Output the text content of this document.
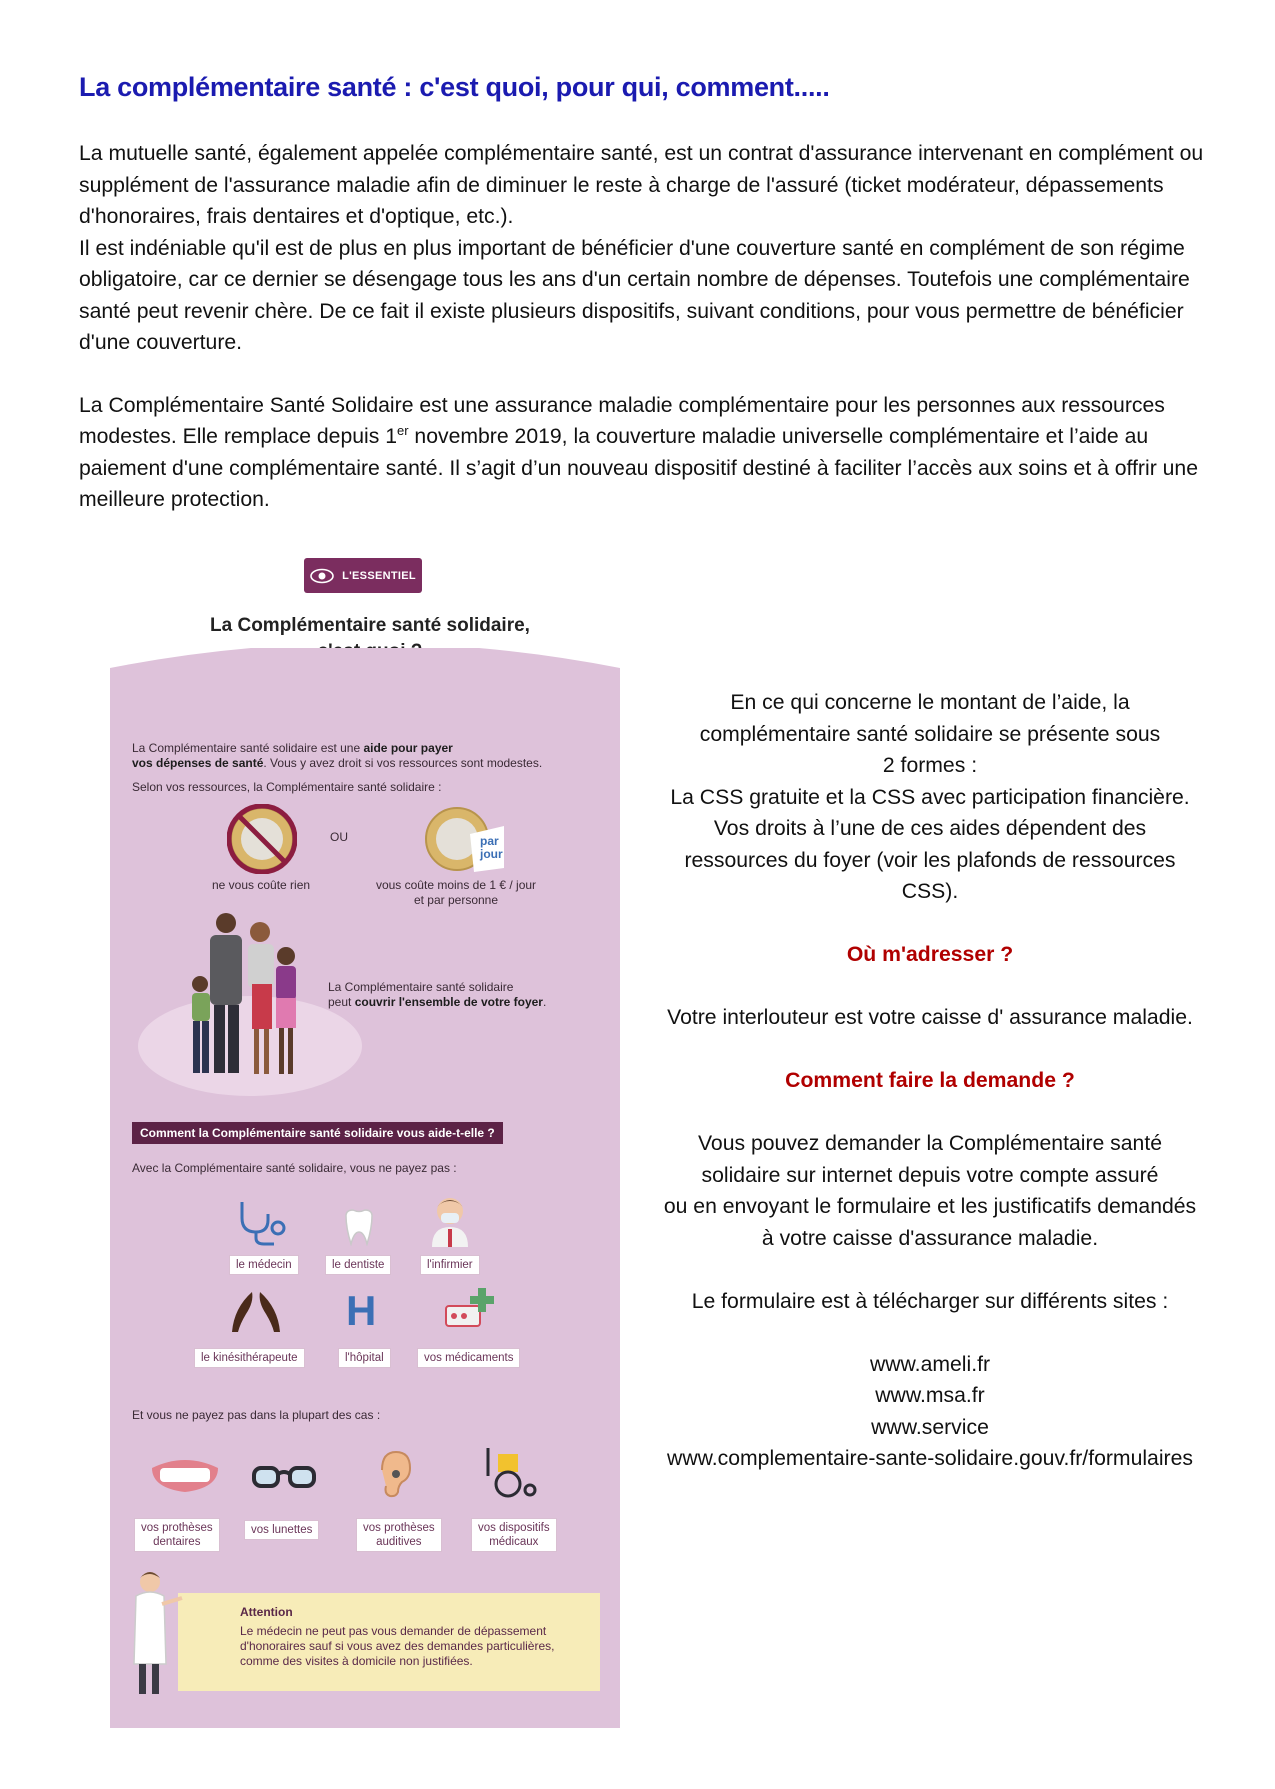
La complémentaire santé : c'est quoi, pour qui, comment.....

La mutuelle santé, également appelée complémentaire santé, est un contrat d'assurance intervenant en complément ou supplément de l'assurance maladie afin de diminuer le reste à charge de l'assuré (ticket modérateur, dépassements d'honoraires, frais dentaires et d'optique, etc.).

Il est indéniable qu'il est de plus en plus important de bénéficier d'une couverture santé en complément de son régime obligatoire, car ce dernier se désengage tous les ans d'un certain nombre de dépenses. Toutefois une complémentaire santé peut revenir chère. De ce fait il existe plusieurs dispositifs, suivant conditions, pour vous permettre de bénéficier d'une couverture.

La Complémentaire Santé Solidaire est une assurance maladie complémentaire pour les personnes aux ressources modestes. Elle remplace depuis 1er novembre 2019, la couverture maladie universelle complémentaire et l’aide au paiement d'une complémentaire santé. Il s’agit d’un nouveau dispositif destiné à faciliter l’accès aux soins et à offrir une meilleure protection.

L'ESSENTIEL
La Complémentaire santé solidaire,
La Complémentaire santé solidaire est une aide pour payer
vos dépenses de santé. Vous y avez droit si vos ressources sont modestes.
Selon vos ressources, la Complémentaire santé solidaire :
OU	par
jour
ne vous coûte rien	vous coûte moins de 1 € / jour
et par personne
La Complémentaire santé solidaire
peut couvrir l'ensemble de votre foyer.
Comment la Complémentaire santé solidaire vous aide-t-elle ?
Avec la Complémentaire santé solidaire, vous ne payez pas :
le médecin	le dentiste	l'infirmier
H
le kinésithérapeute	l'hôpital	vos médicaments
Et vous ne payez pas dans la plupart des cas :
vos prothèses
dentaires
vos lunettes	vos prothèses
auditives
vos dispositifs
médicaux
Attention
Le médecin ne peut pas vous demander de dépassement d'honoraires sauf si vous avez des demandes particulières, comme des visites à domicile non justifiées.

En ce qui concerne le montant de l’aide, la

complémentaire santé solidaire se présente sous

2 formes :

La CSS gratuite et la CSS avec participation financière.

Vos droits à l’une de ces aides dépendent des

ressources du foyer (voir les plafonds de ressources

CSS).

Où m'adresser ?

Votre interlouteur est votre caisse d' assurance maladie.

Comment faire la demande ?

Vous pouvez demander la Complémentaire santé

solidaire sur internet depuis votre compte assuré

ou en envoyant le formulaire et les justificatifs demandés

à votre caisse d'assurance maladie.

Le formulaire est à télécharger sur différents sites :

www.ameli.fr

www.msa.fr

www.service

www.complementaire-sante-solidaire.gouv.fr/formulaires
